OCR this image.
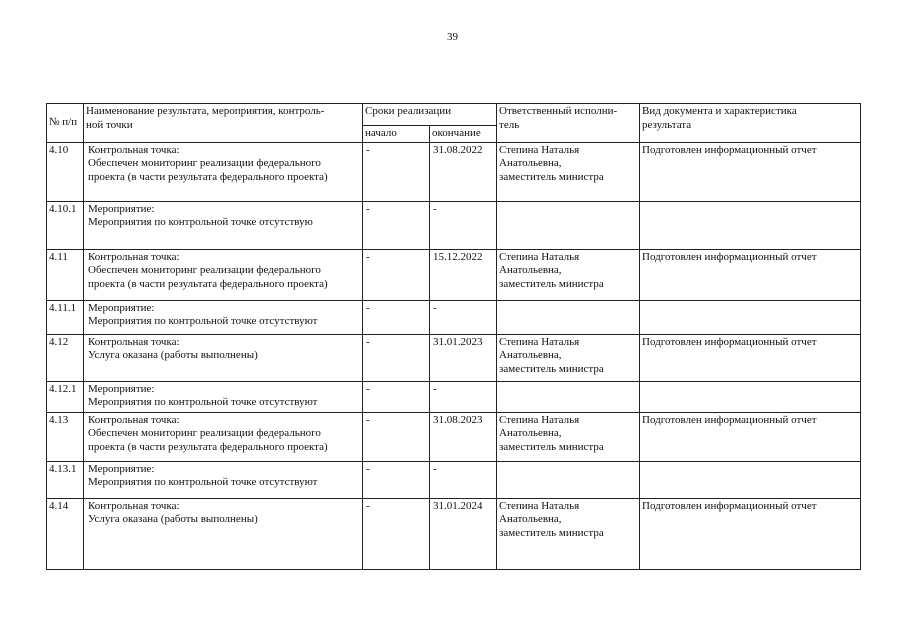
39
№ п/п	Наименование результата, мероприятия, контроль-
ной точки	Сроки реализации		Ответственный исполни-
тель	Вид документа и характеристика
результата
		начало	окончание		
4.10	Контрольная точка:
Обеспечен мониторинг реализации федерального
проекта (в части результата федерального проекта)	-	31.08.2022	Степина Наталья
Анатольевна,
заместитель министра	Подготовлен информационный отчет
4.10.1	Мероприятие:
Мероприятия по контрольной точке отсутствую	-	-		
4.11	Контрольная точка:
Обеспечен мониторинг реализации федерального
проекта (в части результата федерального проекта)	-	15.12.2022	Степина Наталья
Анатольевна,
заместитель министра	Подготовлен информационный отчет
4.11.1	Мероприятие:
Мероприятия по контрольной точке отсутствуют	-	-		
4.12	Контрольная точка:
Услуга оказана (работы выполнены)	-	31.01.2023	Степина Наталья
Анатольевна,
заместитель министра	Подготовлен информационный отчет
4.12.1	Мероприятие:
Мероприятия по контрольной точке отсутствуют	-	-		
4.13	Контрольная точка:
Обеспечен мониторинг реализации федерального
проекта (в части результата федерального проекта)	-	31.08.2023	Степина Наталья
Анатольевна,
заместитель министра	Подготовлен информационный отчет
4.13.1	Мероприятие:
Мероприятия по контрольной точке отсутствуют	-	-		
4.14	Контрольная точка:
Услуга оказана (работы выполнены)	-	31.01.2024	Степина Наталья
Анатольевна,
заместитель министра	Подготовлен информационный отчет
